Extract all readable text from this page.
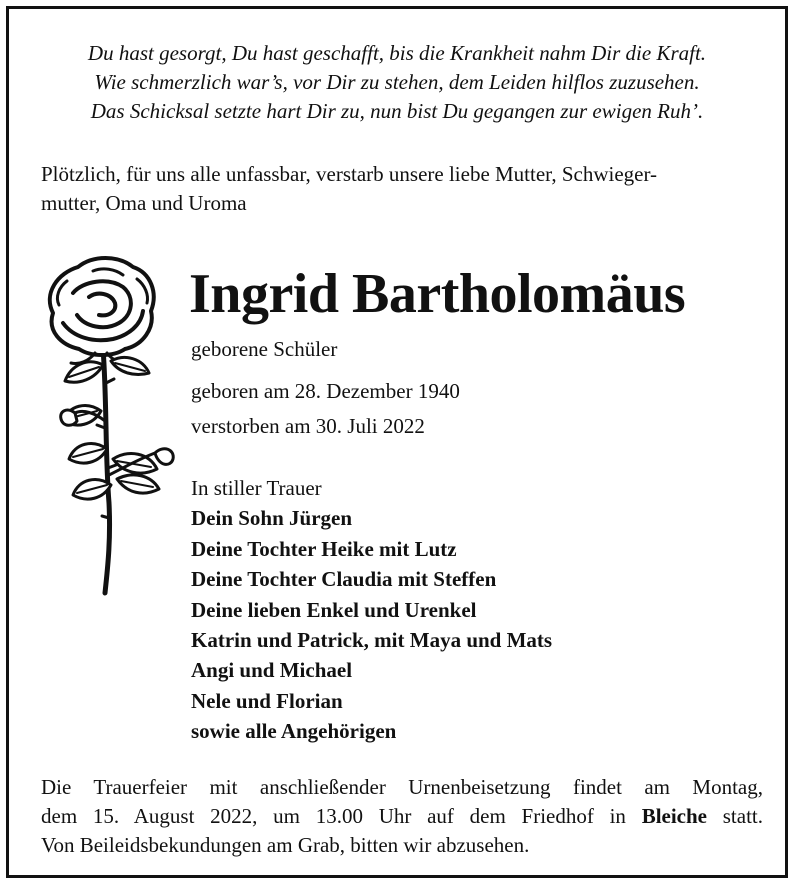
Du hast gesorgt, Du hast geschafft, bis die Krankheit nahm Dir die Kraft.
Wie schmerzlich war’s, vor Dir zu stehen, dem Leiden hilflos zuzusehen.
Das Schicksal setzte hart Dir zu, nun bist Du gegangen zur ewigen Ruh’.
Plötzlich, für uns alle unfassbar, verstarb unsere liebe Mutter, Schwieger-
mutter, Oma und Uroma
Ingrid Bartholomäus
geborene Schüler
geboren am 28. Dezember 1940
verstorben am 30. Juli 2022
In stiller Trauer
Dein Sohn Jürgen
Deine Tochter Heike mit Lutz
Deine Tochter Claudia mit Steffen
Deine lieben Enkel und Urenkel
Katrin und Patrick, mit Maya und Mats
Angi und Michael
Nele und Florian
sowie alle Angehörigen
Die Trauerfeier mit anschließender Urnenbeisetzung findet am Montag,
dem 15. August 2022, um 13.00 Uhr auf dem Friedhof in Bleiche statt.
Von Beileidsbekundungen am Grab, bitten wir abzusehen.
